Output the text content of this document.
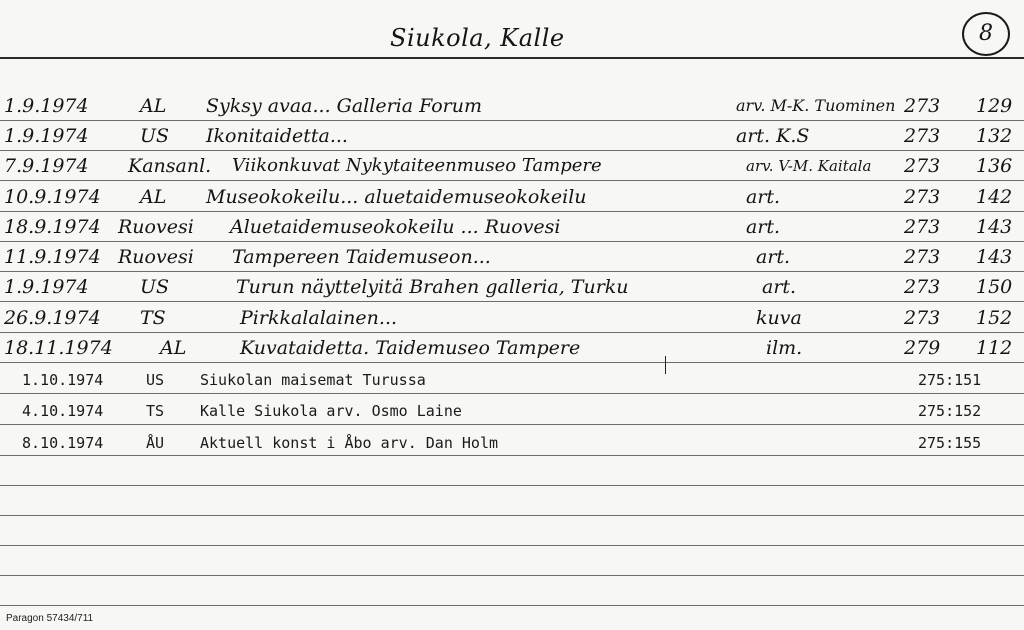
Siukola, Kalle	8
1.9.1974	AL Syksy avaa... Galleria Forum	arv. M-K. Tuominen 273 129
1.9.1974	US Ikonitaidetta...	art. K.S	273 132
7.9.1974 Kansanl. Viikonkuvat Nykytaiteenmuseo Tampere	arv. V-M. Kaitala 273 136
10.9.1974 AL Museokokeilu... aluetaidemuseokokeilu	art.	273 142
18.9.1974 Ruovesi Aluetaidemuseokokeilu ... Ruovesi	art.	273 143
11.9.1974 Ruovesi Tampereen Taidemuseon...	art.	273 143
1.9.1974	US	Turun näyttelyitä Brahen galleria, Turku	art.	273 150
26.9.1974 TS	Pirkkalalainen...	kuva	273 152
18.11.1974 AL	Kuvataidetta. Taidemuseo Tampere	ilm.	279 112
1.10.1974	US Siukolan maisemat Turussa	275:151
4.10.1974	TS Kalle Siukola arv. Osmo Laine	275:152
8.10.1974	ÅU Aktuell konst i Åbo arv. Dan Holm	275:155
Paragon 57434/711
